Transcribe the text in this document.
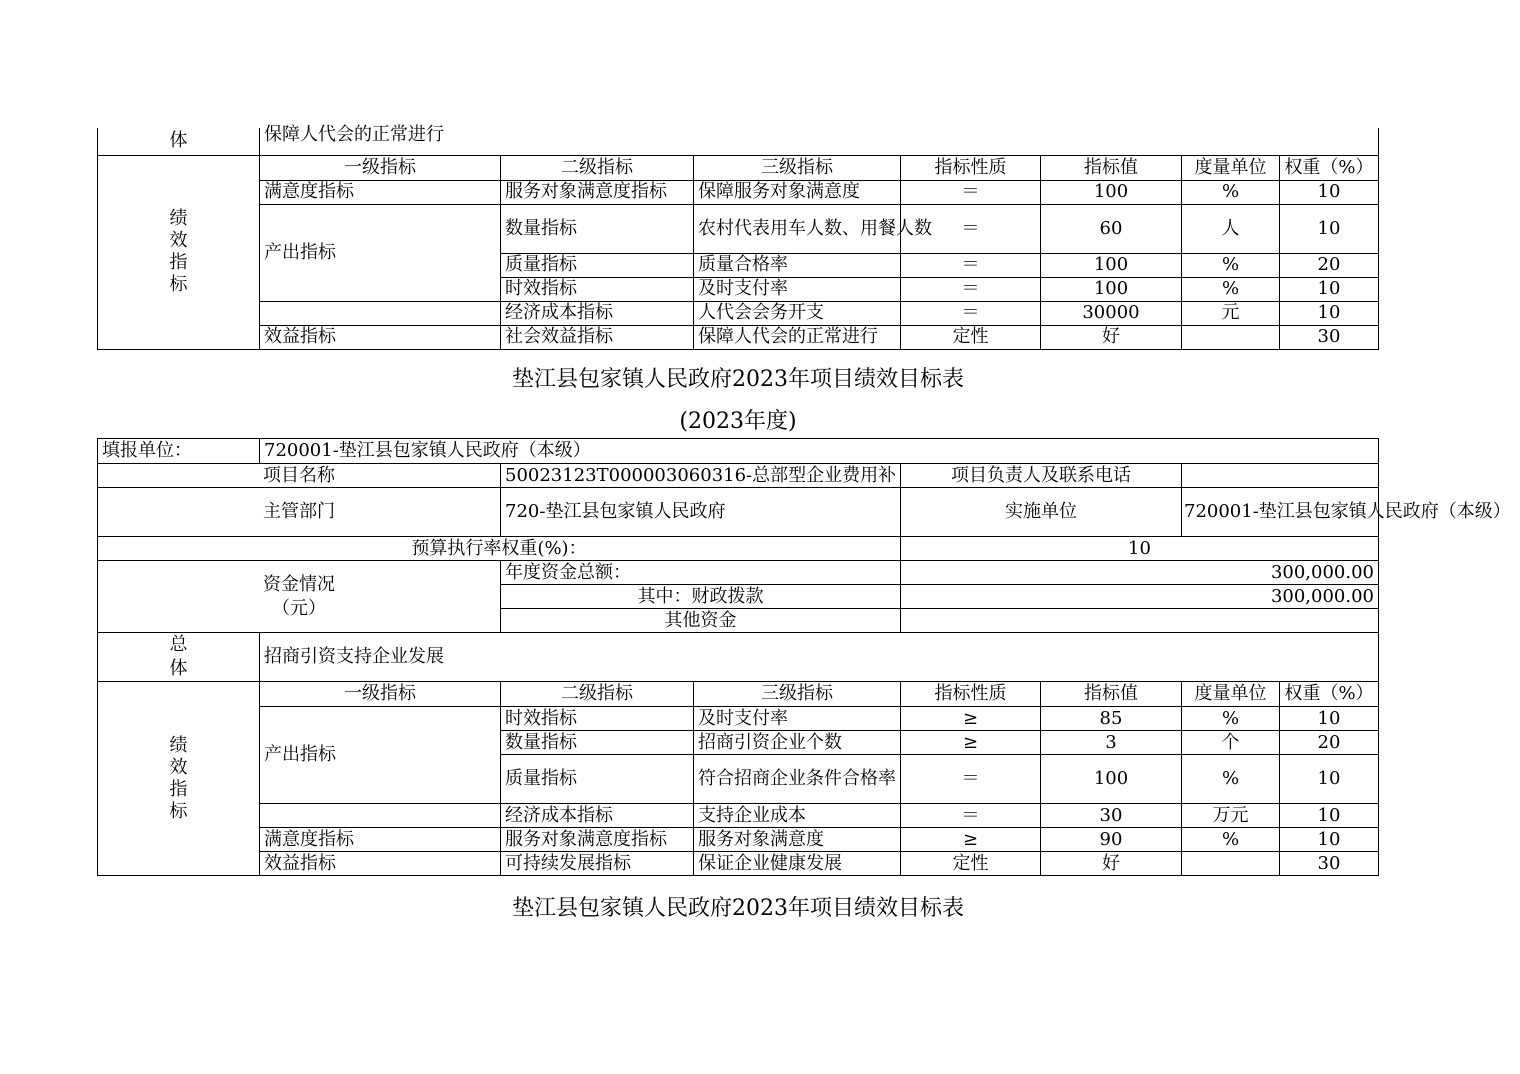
体	保障人代会的正常进行						

绩
效
指
标	一级指标	二级指标	三级指标	指标性质	指标值	度量单位	权重（%）
	满意度指标	服务对象满意度指标	保障服务对象满意度	＝	100	%	10
	产出指标	数量指标	农村代表用车人数、用餐人数	＝	60	人	10
		质量指标	质量合格率	＝	100	%	20
		时效指标	及时支付率	＝	100	%	10
		经济成本指标	人代会会务开支	＝	30000	元	10
	效益指标	社会效益指标	保障人代会的正常进行	定性	好		30
垫江县包家镇人民政府2023年项目绩效目标表
(2023年度)
填报单位：	720001-垫江县包家镇人民政府（本级）						
项目名称		50023123T000003060316-总部型企业费用补		项目负责人及联系电话			
主管部门		720-垫江县包家镇人民政府		实施单位		720001-垫江县包家镇人民政府（本级）	
预算执行率权重(%)：				10			

资金情况
（元）		年度资金总额：		300,000.00			
		其中：财政拨款		300,000.00			
		其他资金					

总
体	招商引资支持企业发展						

绩
效
指
标	一级指标	二级指标	三级指标	指标性质	指标值	度量单位	权重（%）
	产出指标	时效指标	及时支付率	≥	85	%	10
		数量指标	招商引资企业个数	≥	3	个	20
		质量指标	符合招商企业条件合格率	＝	100	%	10
		经济成本指标	支持企业成本	＝	30	万元	10
	满意度指标	服务对象满意度指标	服务对象满意度	≥	90	%	10
	效益指标	可持续发展指标	保证企业健康发展	定性	好		30
垫江县包家镇人民政府2023年项目绩效目标表
